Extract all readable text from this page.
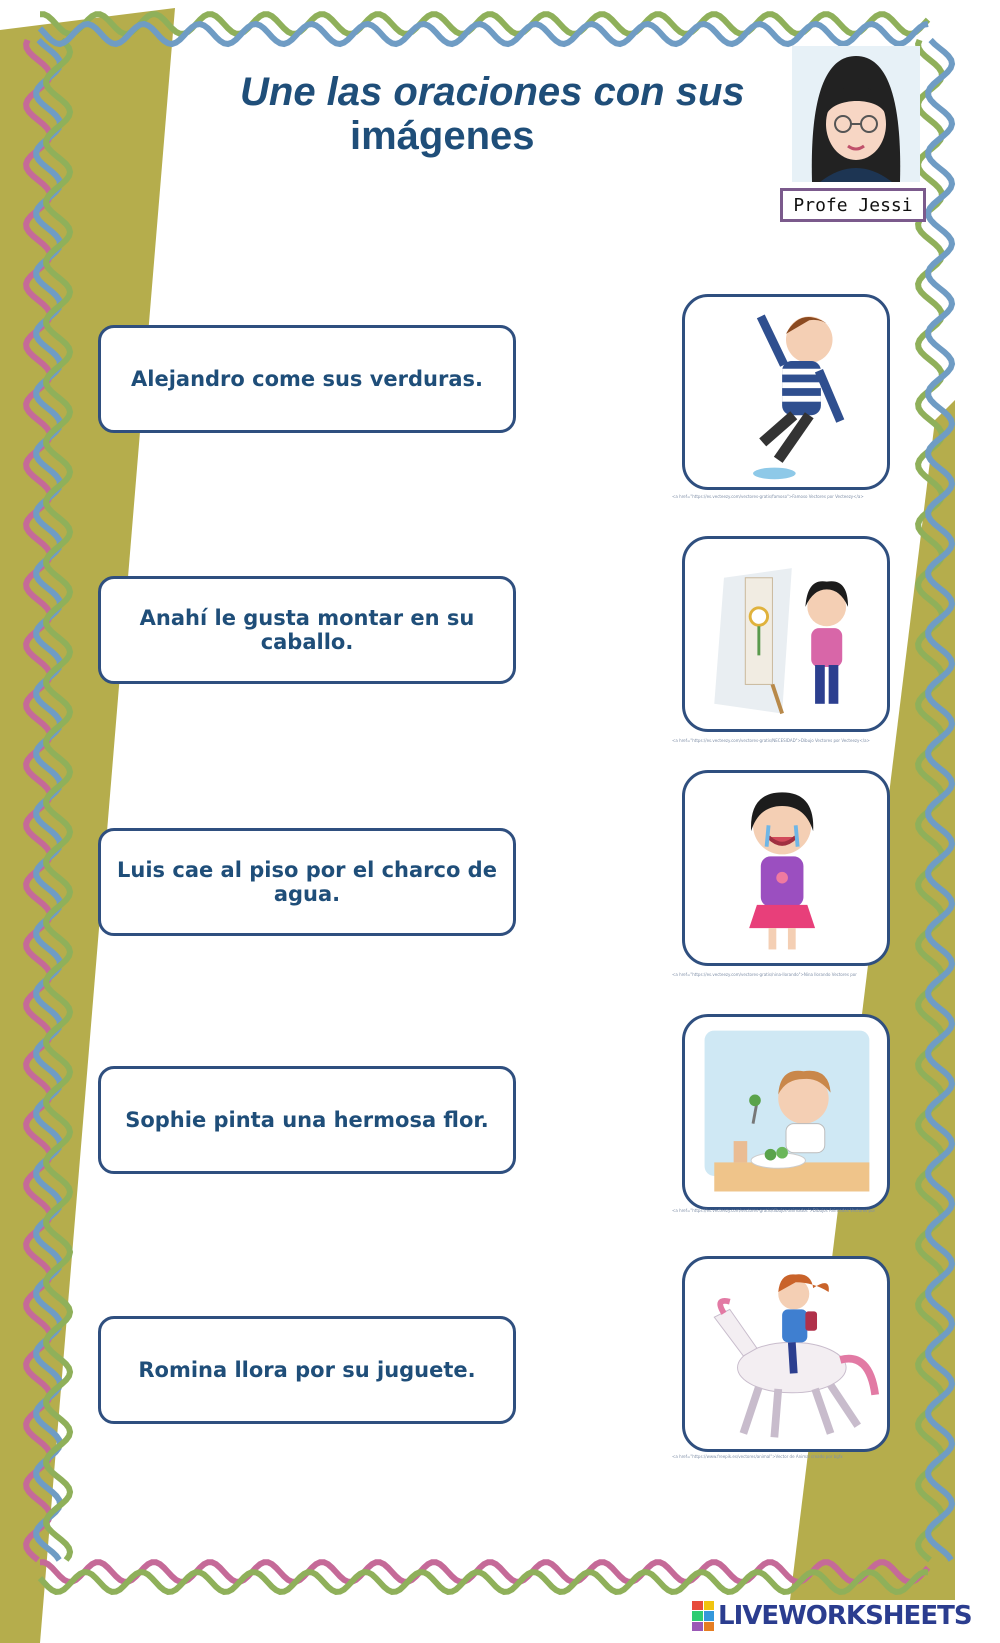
Une las oraciones con sus
imágenes
Profe Jessi
Alejandro come sus verduras.
Anahí le gusta montar en su caballo.
Luis cae al piso por el charco de agua.
Sophie pinta una hermosa flor.
Romina llora por su juguete.
<a href="https://es.vecteezy.com/vectores-gratis/famoso">Famoso Vectores por Vecteezy</a>
<a href="https://es.vecteezy.com/vectores-gratis/NECESIDAD">Dibujo Vectores por Vecteezy</a>
<a href="https://es.vecteezy.com/vectores-gratis/nina-llorando">Nina llorando Vectores por
<a href="https://es.vecteezy.com/vectores-gratis/dibujos-animados">Dibujos Animados Vectores por
<a href="https://www.freepik.es/vectores/animal">Vector de Animal creado por bgfx
LIVEWORKSHEETS
